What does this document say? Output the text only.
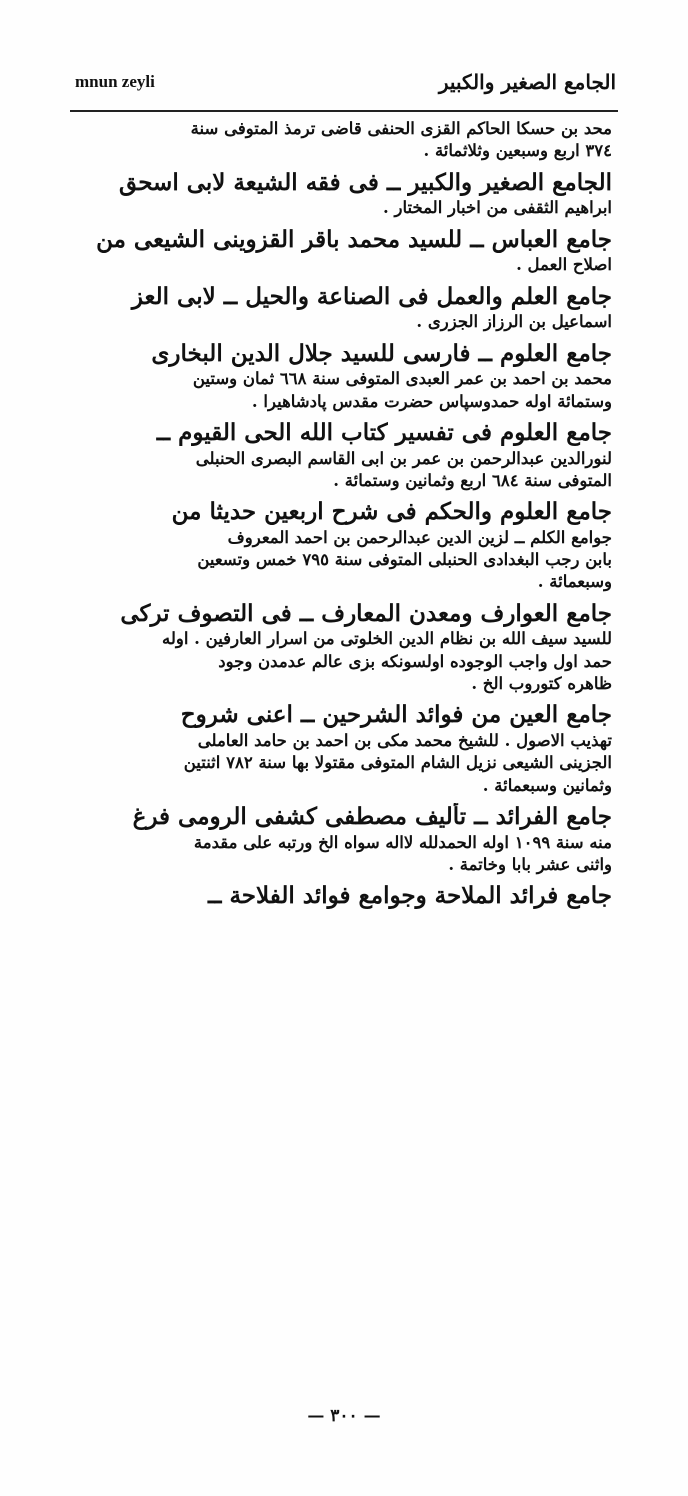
mnun zeyli	الجامع الصغير والكبير
محد بن حسكا الحاكم القزى الحنفى قاضى ترمذ المتوفى سنة
٣٧٤ اربع وسبعين وثلاثمائة .
الجامع الصغير والكبير ــ فى فقه الشيعة لابى اسحق
ابراهيم الثقفى من اخبار المختار .
جامع العباس ــ للسيد محمد باقر القزوينى الشيعى من
اصلاح العمل .
جامع العلم والعمل فى الصناعة والحيل ــ لابى العز
اسماعيل بن الرزاز الجزرى .
جامع العلوم ــ فارسى للسيد جلال الدين البخارى
محمد بن احمد بن عمر العبدى المتوفى سنة ٦٦٨ ثمان وستين
وستمائة اوله حمدوسپاس حضرت مقدس پادشاهیرا .
جامع العلوم فى تفسير كتاب الله الحى القيوم ــ
لنورالدين عبدالرحمن بن عمر بن ابى القاسم البصرى الحنبلى
المتوفى سنة ٦٨٤ اربع وثمانين وستمائة .
جامع العلوم والحكم فى شرح اربعين حديثا من
جوامع الكلم ــ لزين الدين عبدالرحمن بن احمد المعروف
بابن رجب البغدادى الحنبلى المتوفى سنة ٧٩٥ خمس وتسعين
وسبعمائة .
جامع العوارف ومعدن المعارف ــ فى التصوف تركى
للسيد سيف الله بن نظام الدين الخلوتى من اسرار العارفين . اوله
حمد اول واجب الوجوده اولسونكه بزى عالم عدمدن وجود
ظاهره كتوروب الخ .
جامع العين من فوائد الشرحين ــ اعنى شروح
تهذيب الاصول . للشيخ محمد مكى بن احمد بن حامد العاملى
الجزينى الشيعى نزيل الشام المتوفى مقتولا بها سنة ٧٨٢ اثنتين
وثمانين وسبعمائة .
جامع الفرائد ــ تأليف مصطفى كشفى الرومى فرغ
منه سنة ١٠٩٩ اوله الحمدلله لااله سواه الخ ورتبه على مقدمة
واثنى عشر بابا وخاتمة .
جامع فرائد الملاحة وجوامع فوائد الفلاحة ــ
— ٣٠٠ —
